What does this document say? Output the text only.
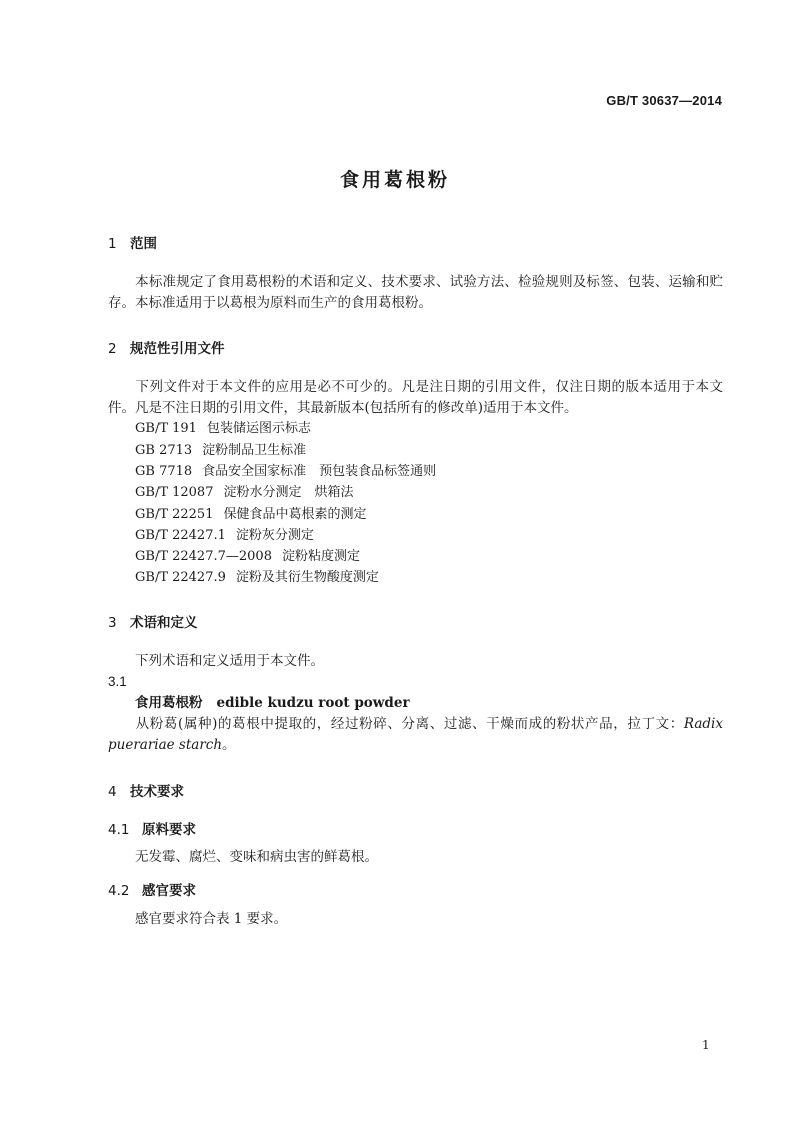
GB/T 30637—2014
食用葛根粉
1 范围
本标准规定了食用葛根粉的术语和定义、技术要求、试验方法、检验规则及标签、包装、运输和贮存。 本标准适用于以葛根为原料而生产的食用葛根粉。
2 规范性引用文件
下列文件对于本文件的应用是必不可少的。凡是注日期的引用文件，仅注日期的版本适用于本文件。凡是不注日期的引用文件，其最新版本(包括所有的修改单)适用于本文件。
GB/T 191 包装储运图示标志
GB 2713 淀粉制品卫生标准
GB 7718 食品安全国家标准　预包装食品标签通则
GB/T 12087 淀粉水分测定　烘箱法
GB/T 22251 保健食品中葛根素的测定
GB/T 22427.1 淀粉灰分测定
GB/T 22427.7—2008 淀粉粘度测定
GB/T 22427.9 淀粉及其衍生物酸度测定
3 术语和定义
下列术语和定义适用于本文件。
3.1
食用葛根粉 edible kudzu root powder
从粉葛(属种)的葛根中提取的，经过粉碎、分离、过滤、干燥而成的粉状产品，拉丁文：Radix puerariae starch。
4 技术要求
4.1 原料要求
无发霉、腐烂、变味和病虫害的鲜葛根。
4.2 感官要求
感官要求符合表 1 要求。
1
